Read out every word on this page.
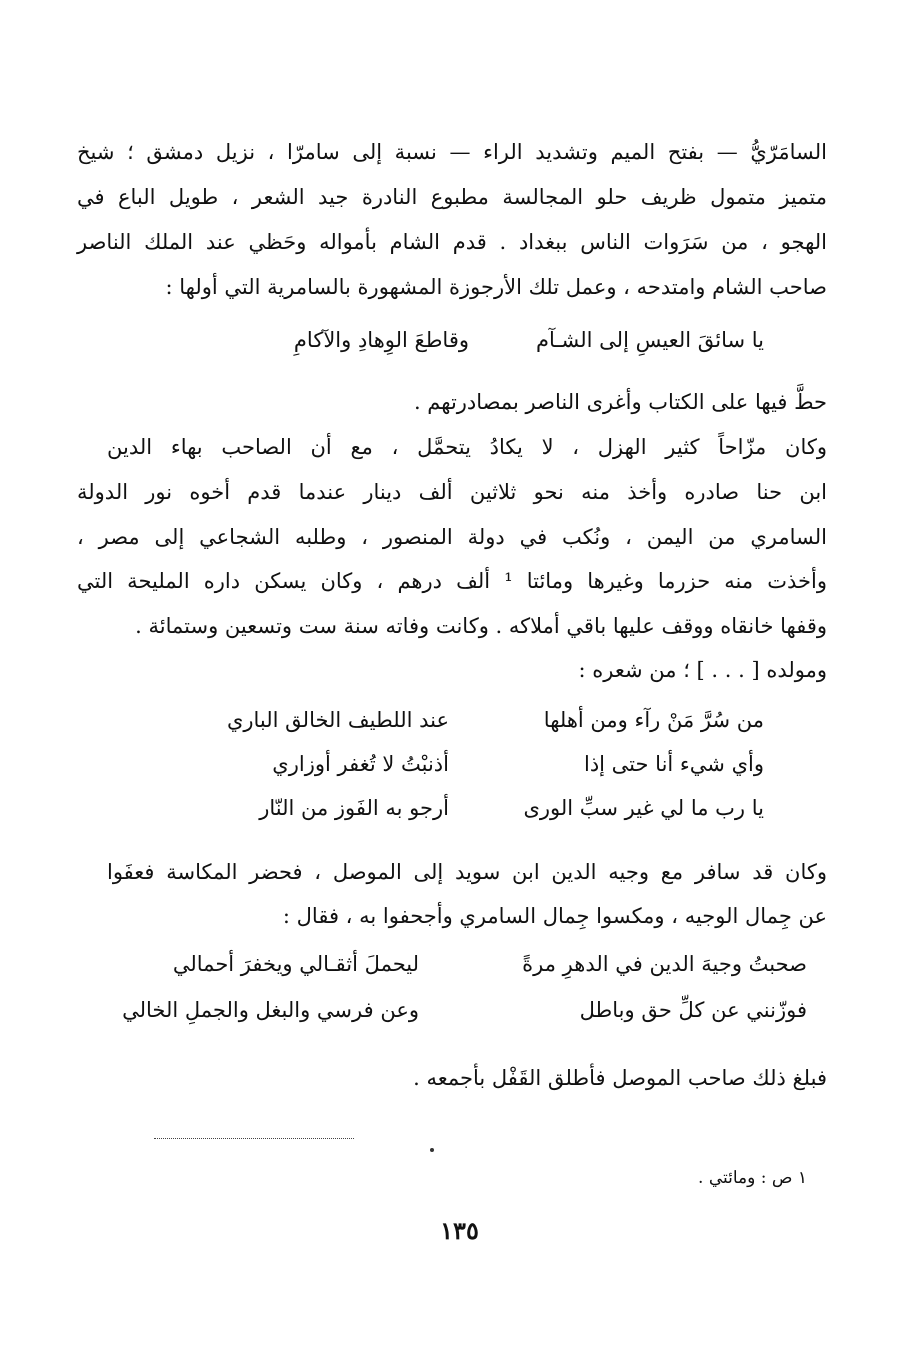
السامَرّيُّ — بفتح الميم وتشديد الراء — نسبة إلى سامرّا ، نزيل دمشق ؛ شيخ
متميز متمول ظريف حلو المجالسة مطبوع النادرة جيد الشعر ، طويل الباع في
الهجو ، من سَرَوات الناس ببغداد . قدم الشام بأمواله وحَظي عند الملك الناصر
صاحب الشام وامتدحه ، وعمل تلك الأرجوزة المشهورة بالسامرية التي أولها :
يا سائقَ العيسِ إلى الشـآم
وقاطعَ الوِهادِ والآكامِ
حطَّ فيها على الكتاب وأغرى الناصر بمصادرتهم .
وكان مزّاحاً كثير الهزل ، لا يكادُ يتحمَّل ، مع أن الصاحب بهاء الدين
ابن حنا صادره وأخذ منه نحو ثلاثين ألف دينار عندما قدم أخوه نور الدولة
السامري من اليمن ، ونُكب في دولة المنصور ، وطلبه الشجاعي إلى مصر ،
وأخذت منه حزرما وغيرها ومائتا ¹ ألف درهم ، وكان يسكن داره المليحة التي
وقفها خانقاه ووقف عليها باقي أملاكه . وكانت وفاته سنة ست وتسعين وستمائة .
ومولده [ . . . ] ؛ من شعره :
من سُرَّ مَنْ رآء ومن أهلها
عند اللطيف الخالق الباري
وأي شيء أنا حتى إذا
أذنبْتُ لا تُغفر أوزاري
يا رب ما لي غير سبِّ الورى
أرجو به الفَوز من النّار
وكان قد سافر مع وجيه الدين ابن سويد إلى الموصل ، فحضر المكاسة فعفَوا
عن جِمال الوجيه ، ومكسوا جِمال السامري وأجحفوا به ، فقال :
صحبتُ وجيهَ الدين في الدهرِ مرةً
ليحملَ أثقـالي ويخفرَ أحمالي
فوزّنني عن كلِّ حق وباطل
وعن فرسي والبغل والجملِ الخالي
فبلغ ذلك صاحب الموصل فأطلق القَفْل بأجمعه .
١ ص : ومائتي .
١٣٥
